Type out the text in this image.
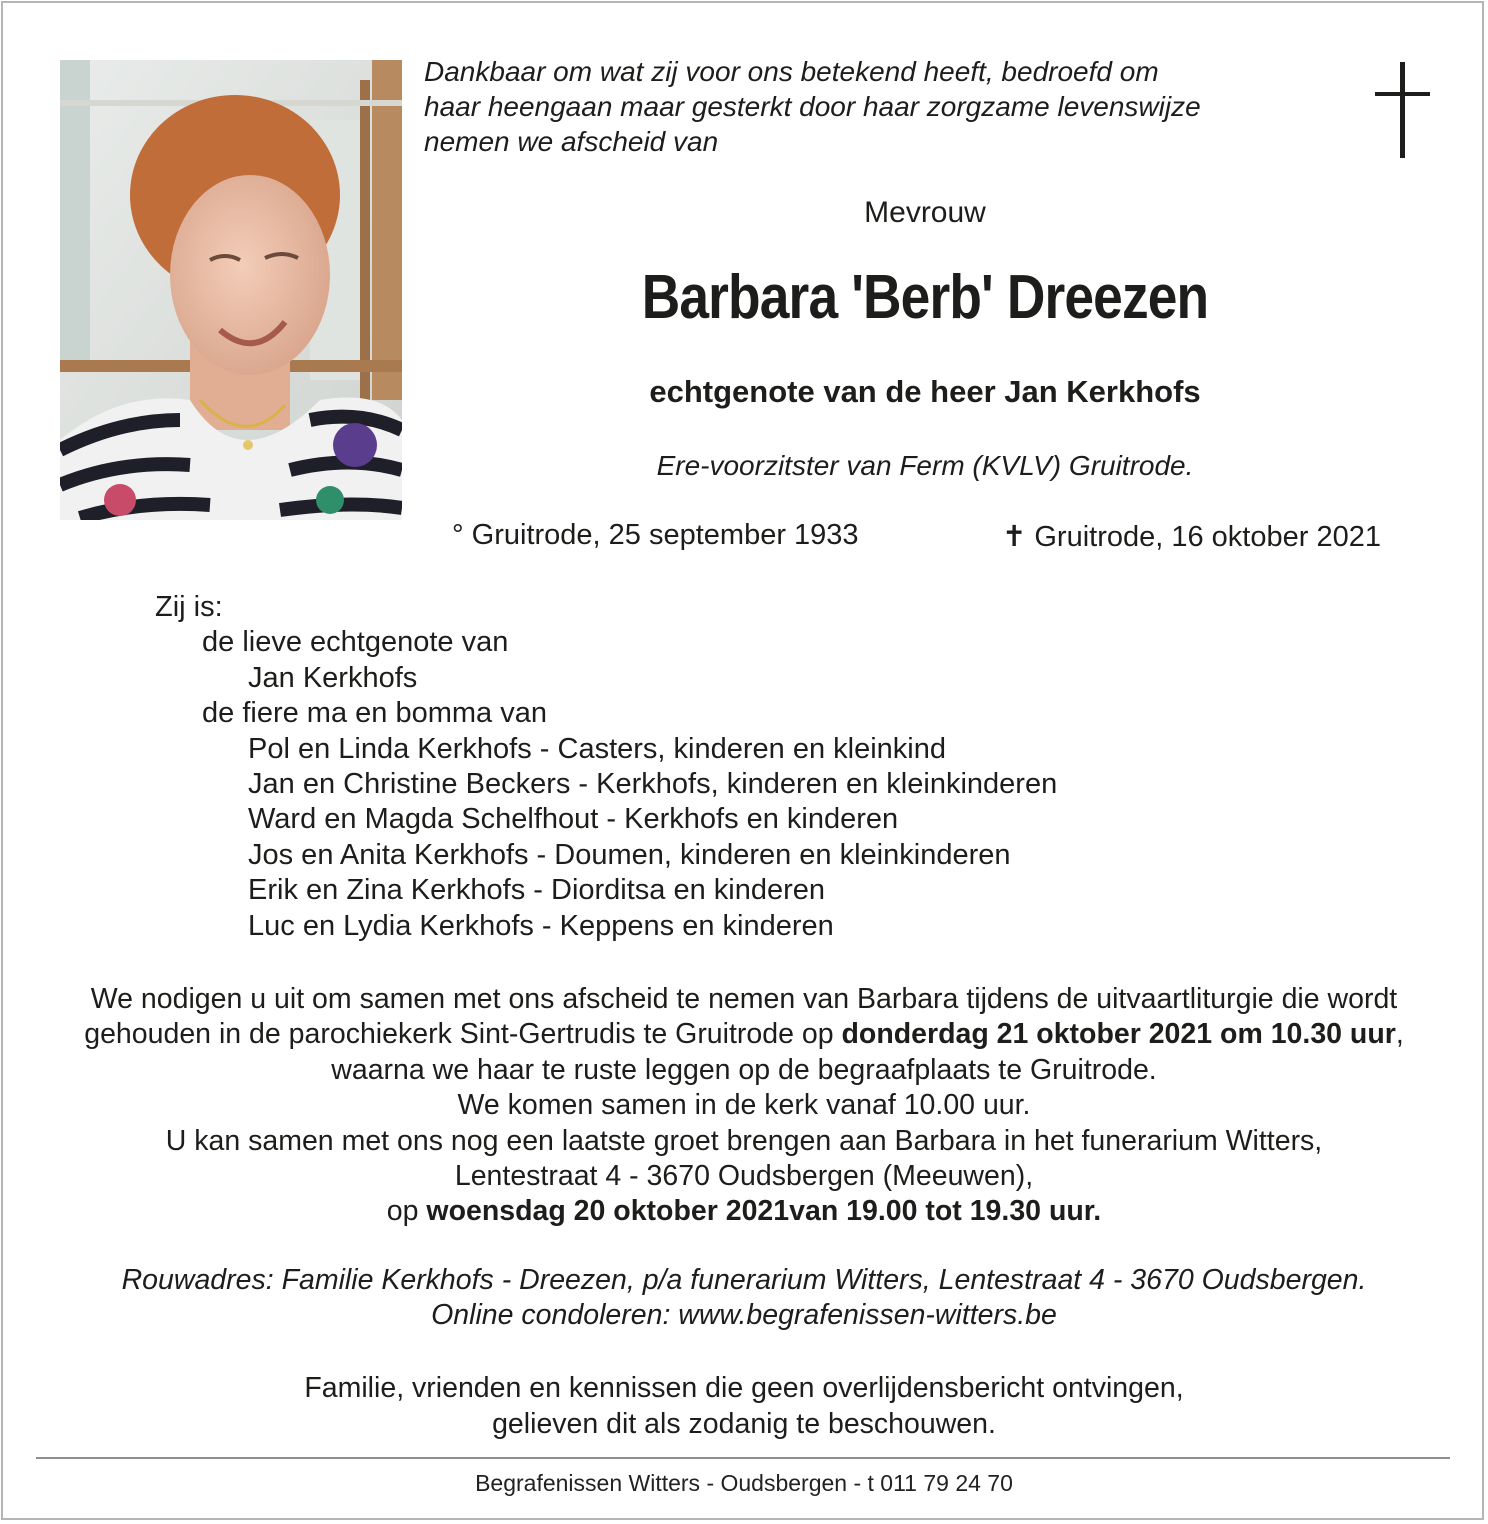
Dankbaar om wat zij voor ons betekend heeft, bedroefd om
haar heengaan maar gesterkt door haar zorgzame levenswijze
nemen we afscheid van

Mevrouw

Barbara 'Berb' Dreezen

echtgenote van de heer Jan Kerkhofs

Ere-voorzitster van Ferm (KVLV) Gruitrode.

° Gruitrode, 25 september 1933	✝ Gruitrode, 16 oktober 2021

Zij is:
de lieve echtgenote van
Jan Kerkhofs
de fiere ma en bomma van
Pol en Linda Kerkhofs - Casters, kinderen en kleinkind
Jan en Christine Beckers - Kerkhofs, kinderen en kleinkinderen
Ward en Magda Schelfhout - Kerkhofs en kinderen
Jos en Anita Kerkhofs - Doumen, kinderen en kleinkinderen
Erik en Zina Kerkhofs - Diorditsa en kinderen
Luc en Lydia Kerkhofs - Keppens en kinderen
We nodigen u uit om samen met ons afscheid te nemen van Barbara tijdens de uitvaartliturgie die wordt gehouden in de parochiekerk Sint-Gertrudis te Gruitrode op donderdag 21 oktober 2021 om 10.30 uur, waarna we haar te ruste leggen op de begraafplaats te Gruitrode.
We komen samen in de kerk vanaf 10.00 uur.
U kan samen met ons nog een laatste groet brengen aan Barbara in het funerarium Witters,
Lentestraat 4 - 3670 Oudsbergen (Meeuwen),
op woensdag 20 oktober 2021van 19.00 tot 19.30 uur.
Rouwadres: Familie Kerkhofs - Dreezen, p/a funerarium Witters, Lentestraat 4 - 3670 Oudsbergen.
Online condoleren: www.begrafenissen-witters.be
Familie, vrienden en kennissen die geen overlijdensbericht ontvingen,
gelieven dit als zodanig te beschouwen.
Begrafenissen Witters - Oudsbergen - t 011 79 24 70
